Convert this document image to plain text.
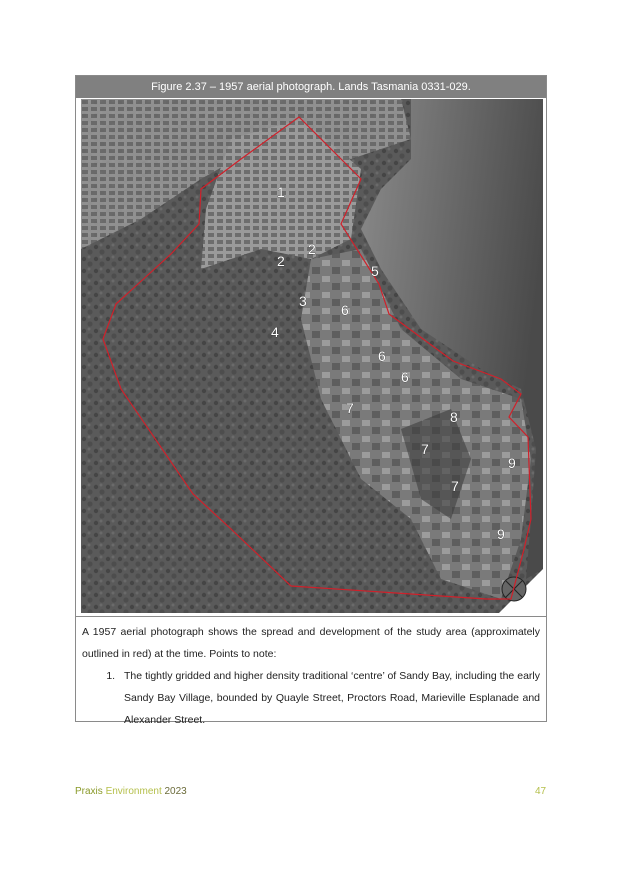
Figure 2.37 – 1957 aerial photograph. Lands Tasmania 0331-029.
1
2
2
5
3
6
4
6
6
7
8
7
9
7
9

A 1957 aerial photograph shows the spread and development of the study area (approximately outlined in red) at the time. Points to note:

1. The tightly gridded and higher density traditional ‘centre’ of Sandy Bay, including the early Sandy Bay Village, bounded by Quayle Street, Proctors Road, Marieville Esplanade and Alexander Street.
Praxis Environment 2023	47
